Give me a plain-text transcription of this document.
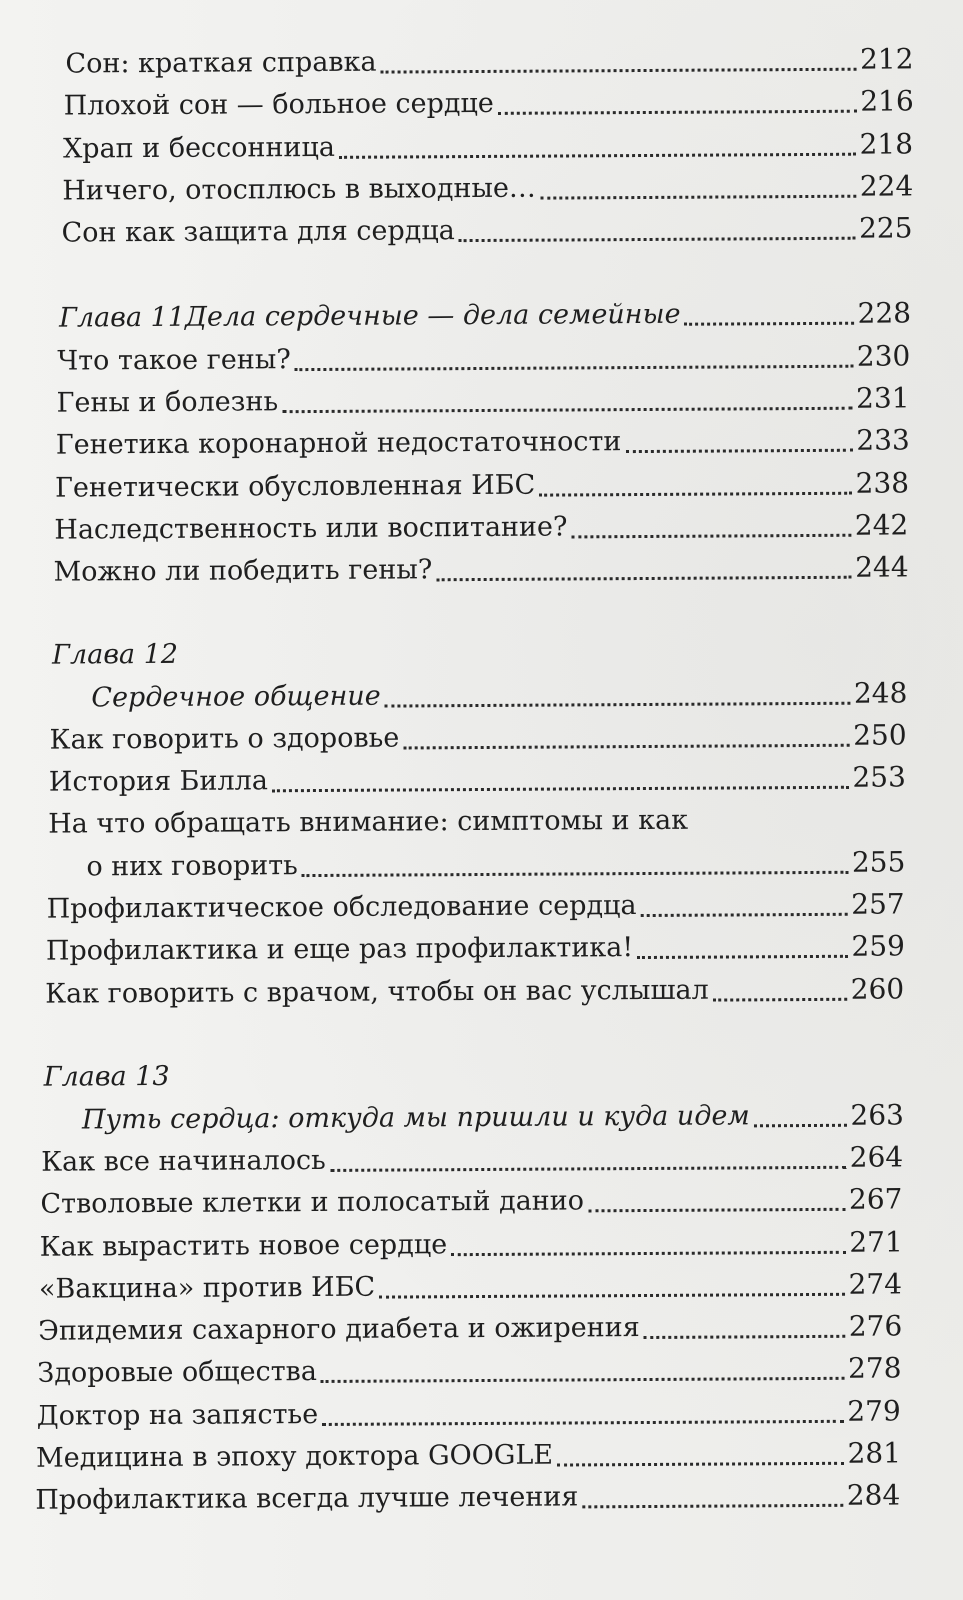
Сон: краткая справка	212
Плохой сон — больное сердце	216
Храп и бессонница	218
Ничего, отосплюсь в выходные…	224
Сон как защита для сердца	225
Глава 11Дела сердечные — дела семейные	228
Что такое гены?	230
Гены и болезнь	231
Генетика коронарной недостаточности	233
Генетически обусловленная ИБС	238
Наследственность или воспитание?	242
Можно ли победить гены?	244
Глава 12
Сердечное общение	248
Как говорить о здоровье	250
История Билла	253
На что обращать внимание: симптомы и как
о них говорить	255
Профилактическое обследование сердца	257
Профилактика и еще раз профилактика!	259
Как говорить с врачом, чтобы он вас услышал	260
Глава 13
Путь сердца: откуда мы пришли и куда идем	263
Как все начиналось	264
Стволовые клетки и полосатый данио	267
Как вырастить новое сердце	271
«Вакцина» против ИБС	274
Эпидемия сахарного диабета и ожирения	276
Здоровые общества	278
Доктор на запястье	279
Медицина в эпоху доктора GOOGLE	281
Профилактика всегда лучше лечения	284
